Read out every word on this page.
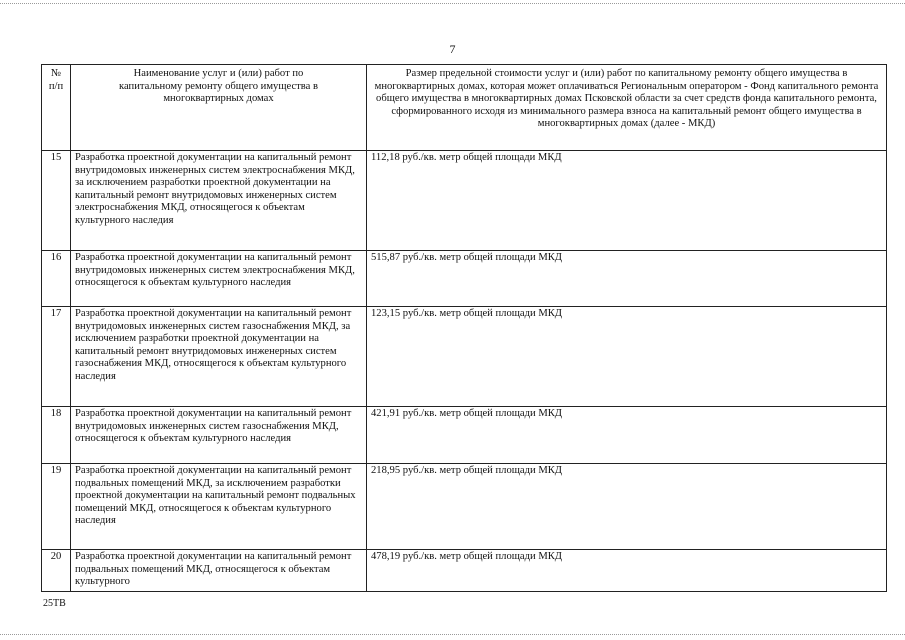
7
№ п/п	Наименование услуг и (или) работ по капитальному ремонту общего имущества в многоквартирных домах	Размер предельной стоимости услуг и (или) работ по капитальному ремонту общего имущества в многоквартирных домах, которая может оплачиваться Региональным оператором - Фонд капитального ремонта общего имущества в многоквартирных домах Псковской области за счет средств фонда капитального ремонта, сформированного исходя из минимального размера взноса на капитальный ремонт общего имущества в многоквартирных домах (далее - МКД)
15	Разработка проектной документации на капитальный ремонт внутридомовых инженерных систем электроснабжения МКД, за исключением разработки проектной документации на капитальный ремонт внутридомовых инженерных систем электроснабжения МКД, относящегося к объектам культурного наследия	112,18 руб./кв. метр общей площади МКД
16	Разработка проектной документации на капитальный ремонт внутридомовых инженерных систем электроснабжения МКД, относящегося к объектам культурного наследия	515,87 руб./кв. метр общей площади МКД
17	Разработка проектной документации на капитальный ремонт внутридомовых инженерных систем газоснабжения МКД, за исключением разработки проектной документации на капитальный ремонт внутридомовых инженерных систем газоснабжения МКД, относящегося к объектам культурного наследия	123,15 руб./кв. метр общей площади МКД
18	Разработка проектной документации на капитальный ремонт внутридомовых инженерных систем газоснабжения МКД, относящегося к объектам культурного наследия	421,91 руб./кв. метр общей площади МКД
19	Разработка проектной документации на капитальный ремонт подвальных помещений МКД, за исключением разработки проектной документации на капитальный ремонт подвальных помещений МКД, относящегося к объектам культурного наследия	218,95 руб./кв. метр общей площади МКД
20	Разработка проектной документации на капитальный ремонт подвальных помещений МКД, относящегося к объектам культурного	478,19 руб./кв. метр общей площади МКД
25ТВ
